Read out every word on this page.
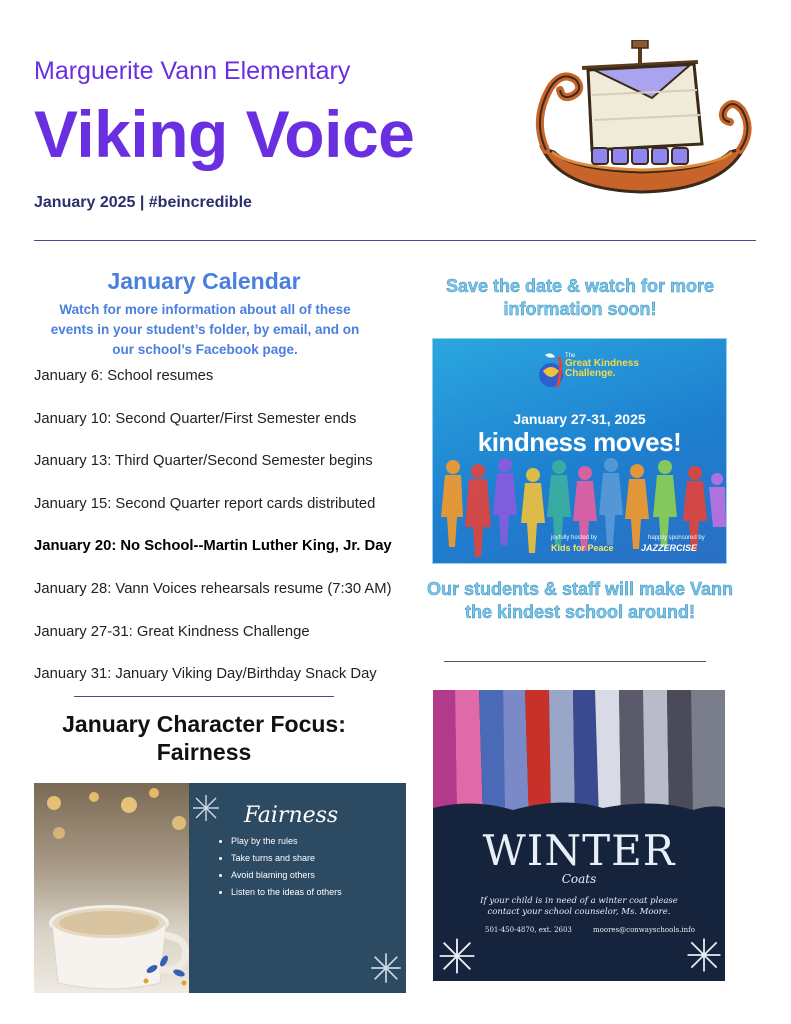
Marguerite Vann Elementary
Viking Voice
January 2025 | #beincredible
January Calendar
Watch for more information about all of these events in your student’s folder, by email, and on our school’s Facebook page.
January 6: School resumes
January 10: Second Quarter/First Semester ends
January 13: Third Quarter/Second Semester begins
January 15: Second Quarter report cards distributed
January 20: No School--Martin Luther King, Jr. Day
January 28: Vann Voices rehearsals resume (7:30 AM)
January 27-31: Great Kindness Challenge
January 31: January Viking Day/Birthday Snack Day
January Character Focus: Fairness
Fairness
• Play by the rules
• Take turns and share
• Avoid blaming others
• Listen to the ideas of others
Save the date & watch for more information soon!
The
Great Kindness Challenge.
January 27-31, 2025
kindness moves!
joyfully hosted by
Kids for Peace
happily sponsored by
JAZZERCISE
Our students & staff will make Vann the kindest school around!
WINTER
Coats
If your child is in need of a winter coat please contact your school counselor, Ms. Moore.
501-450-4870, ext. 2603	moores@conwayschools.info
